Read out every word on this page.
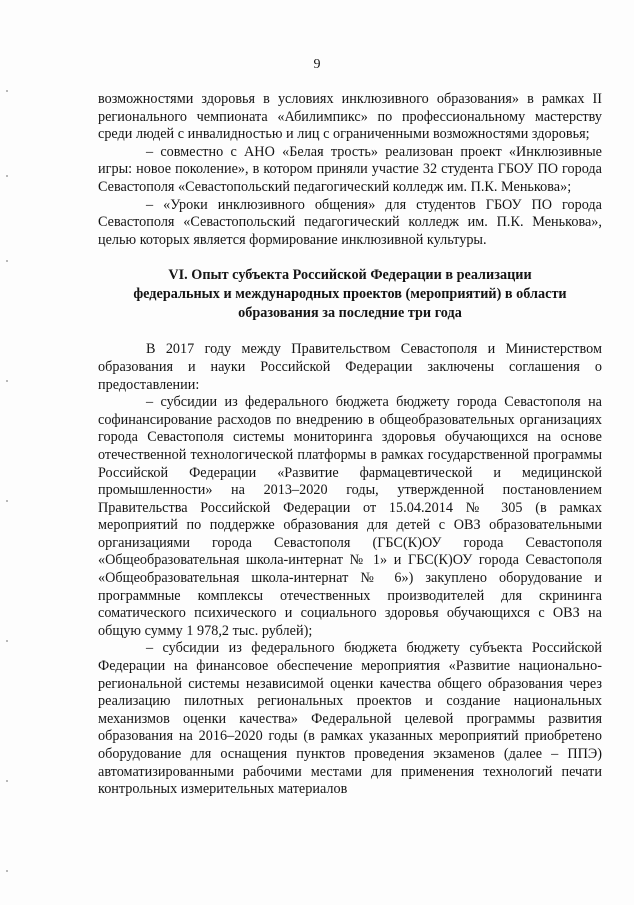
9

возможностями здоровья в условиях инклюзивного образования» в рамках II регионального чемпионата «Абилимпикс» по профессиональному мастерству среди людей с инвалидностью и лиц с ограниченными возможностями здоровья;

– совместно с АНО «Белая трость» реализован проект «Инклюзивные игры: новое поколение», в котором приняли участие 32 студента ГБОУ ПО города Севастополя «Севастопольский педагогический колледж им. П.К. Менькова»;

– «Уроки инклюзивного общения» для студентов ГБОУ ПО города Севастополя «Севастопольский педагогический колледж им. П.К. Менькова», целью которых является формирование инклюзивной культуры.

VI. Опыт субъекта Российской Федерации в реализации
федеральных и международных проектов (мероприятий) в области
образования за последние три года

В 2017 году между Правительством Севастополя и Министерством образования и науки Российской Федерации заключены соглашения о предоставлении:

– субсидии из федерального бюджета бюджету города Севастополя на софинансирование расходов по внедрению в общеобразовательных организациях города Севастополя системы мониторинга здоровья обучающихся на основе отечественной технологической платформы в рамках государственной программы Российской Федерации «Развитие фармацевтической и медицинской промышленности» на 2013–2020 годы, утвержденной постановлением Правительства Российской Федерации от 15.04.2014 № 305 (в рамках мероприятий по поддержке образования для детей с ОВЗ образовательными организациями города Севастополя (ГБС(К)ОУ города Севастополя «Общеобразовательная школа-интернат № 1» и ГБС(К)ОУ города Севастополя «Общеобразовательная школа-интернат № 6») закуплено оборудование и программные комплексы отечественных производителей для скрининга соматического психического и социального здоровья обучающихся с ОВЗ на общую сумму 1 978,2 тыс. рублей);

– субсидии из федерального бюджета бюджету субъекта Российской Федерации на финансовое обеспечение мероприятия «Развитие национально-региональной системы независимой оценки качества общего образования через реализацию пилотных региональных проектов и создание национальных механизмов оценки качества» Федеральной целевой программы развития образования на 2016–2020 годы (в рамках указанных мероприятий приобретено оборудование для оснащения пунктов проведения экзаменов (далее – ППЭ) автоматизированными рабочими местами для применения технологий печати контрольных измерительных материалов
